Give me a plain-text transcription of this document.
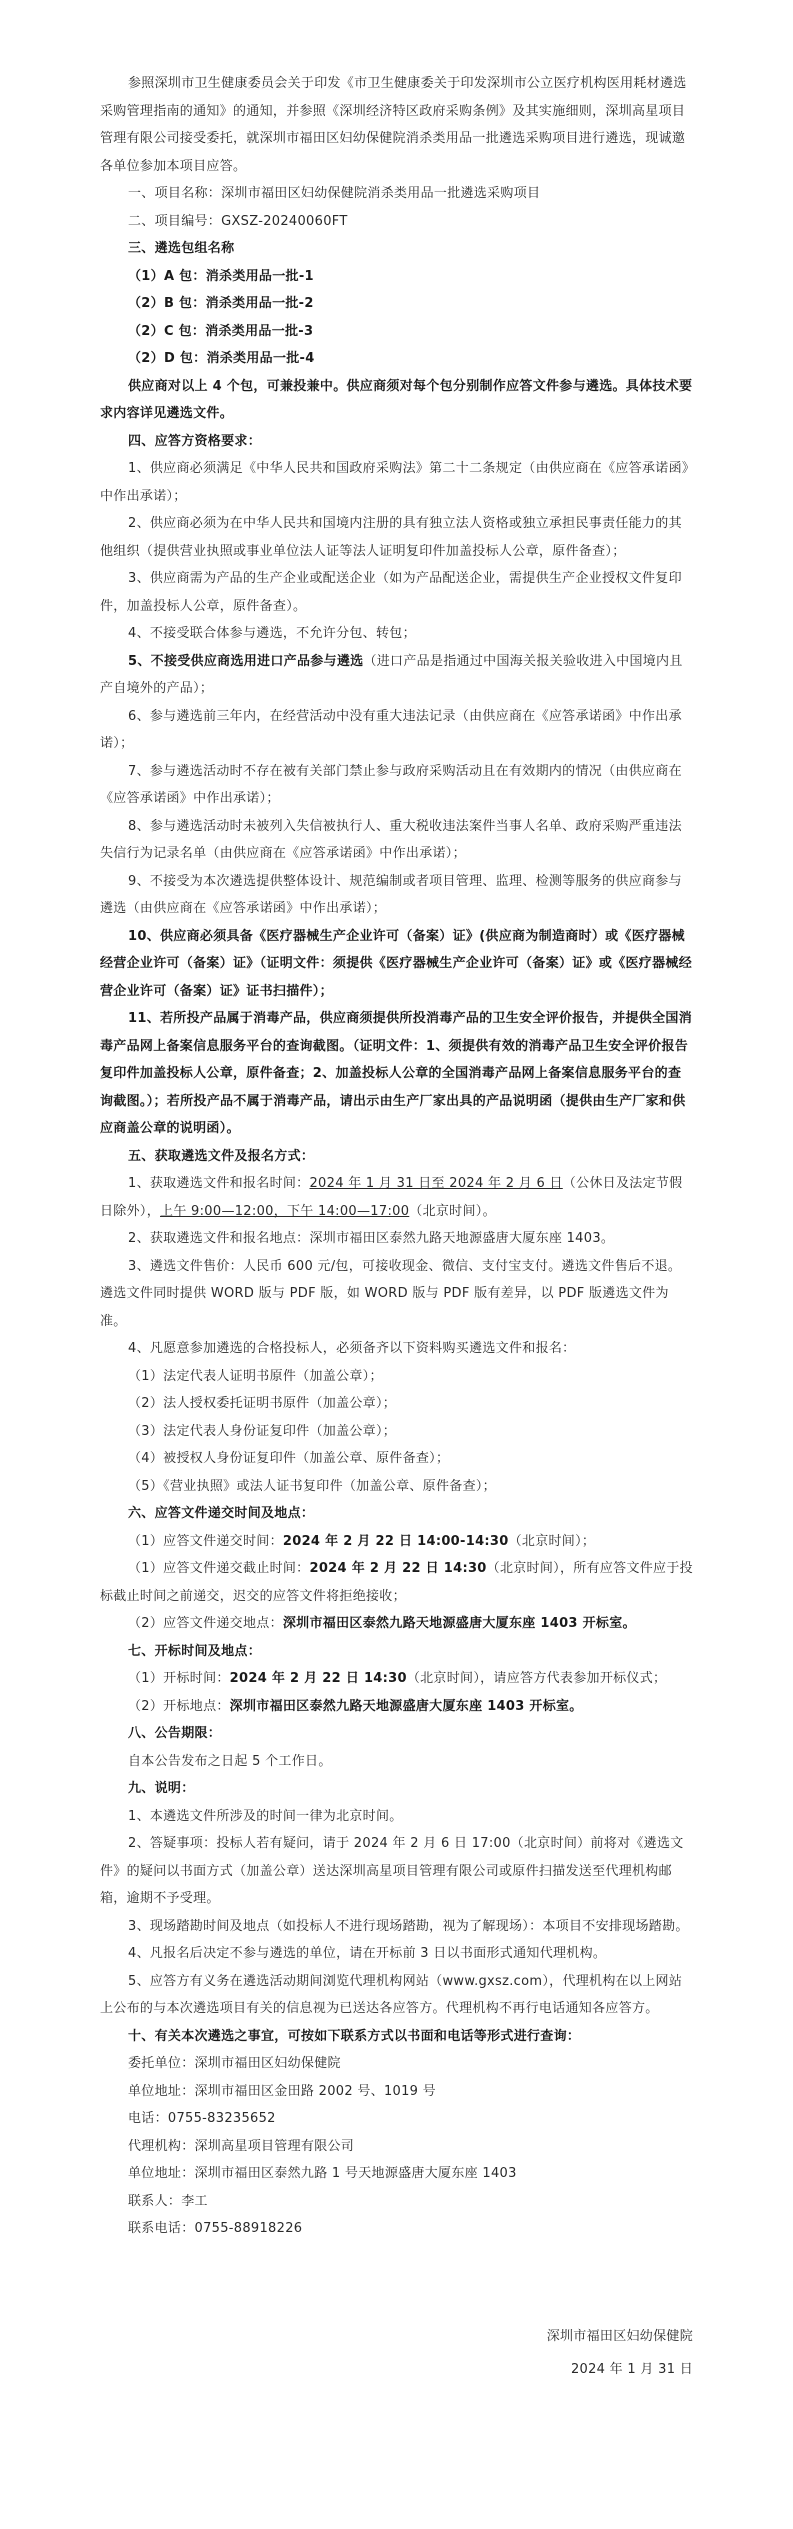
参照深圳市卫生健康委员会关于印发《市卫生健康委关于印发深圳市公立医疗机构医用耗材遴选采购管理指南的通知》的通知，并参照《深圳经济特区政府采购条例》及其实施细则，深圳高星项目管理有限公司接受委托，就深圳市福田区妇幼保健院消杀类用品一批遴选采购项目进行遴选，现诚邀各单位参加本项目应答。

一、项目名称：深圳市福田区妇幼保健院消杀类用品一批遴选采购项目

二、项目编号：GXSZ-20240060FT

三、遴选包组名称

（1）A 包：消杀类用品一批-1

（2）B 包：消杀类用品一批-2

（2）C 包：消杀类用品一批-3

（2）D 包：消杀类用品一批-4

供应商对以上 4 个包，可兼投兼中。供应商须对每个包分别制作应答文件参与遴选。具体技术要求内容详见遴选文件。

四、应答方资格要求：

1、供应商必须满足《中华人民共和国政府采购法》第二十二条规定（由供应商在《应答承诺函》中作出承诺）；

2、供应商必须为在中华人民共和国境内注册的具有独立法人资格或独立承担民事责任能力的其他组织（提供营业执照或事业单位法人证等法人证明复印件加盖投标人公章，原件备查）；

3、供应商需为产品的生产企业或配送企业（如为产品配送企业，需提供生产企业授权文件复印件，加盖投标人公章，原件备查）。

4、不接受联合体参与遴选，不允许分包、转包；

5、不接受供应商选用进口产品参与遴选（进口产品是指通过中国海关报关验收进入中国境内且产自境外的产品）；

6、参与遴选前三年内，在经营活动中没有重大违法记录（由供应商在《应答承诺函》中作出承诺）；

7、参与遴选活动时不存在被有关部门禁止参与政府采购活动且在有效期内的情况（由供应商在《应答承诺函》中作出承诺）；

8、参与遴选活动时未被列入失信被执行人、重大税收违法案件当事人名单、政府采购严重违法失信行为记录名单（由供应商在《应答承诺函》中作出承诺）；

9、不接受为本次遴选提供整体设计、规范编制或者项目管理、监理、检测等服务的供应商参与遴选（由供应商在《应答承诺函》中作出承诺）；

10、供应商必须具备《医疗器械生产企业许可（备案）证》(供应商为制造商时）或《医疗器械经营企业许可（备案）证》（证明文件：须提供《医疗器械生产企业许可（备案）证》或《医疗器械经营企业许可（备案）证》证书扫描件）；

11、若所投产品属于消毒产品，供应商须提供所投消毒产品的卫生安全评价报告，并提供全国消毒产品网上备案信息服务平台的查询截图。（证明文件：1、须提供有效的消毒产品卫生安全评价报告复印件加盖投标人公章，原件备查；2、加盖投标人公章的全国消毒产品网上备案信息服务平台的查询截图。）；若所投产品不属于消毒产品，请出示由生产厂家出具的产品说明函（提供由生产厂家和供应商盖公章的说明函）。

五、获取遴选文件及报名方式：

1、获取遴选文件和报名时间：2024 年 1 月 31 日至 2024 年 2 月 6 日（公休日及法定节假日除外），上午 9:00—12:00，下午 14:00—17:00（北京时间）。

2、获取遴选文件和报名地点：深圳市福田区泰然九路天地源盛唐大厦东座 1403。

3、遴选文件售价：人民币 600 元/包，可接收现金、微信、支付宝支付。遴选文件售后不退。遴选文件同时提供 WORD 版与 PDF 版，如 WORD 版与 PDF 版有差异，以 PDF 版遴选文件为准。

4、凡愿意参加遴选的合格投标人，必须备齐以下资料购买遴选文件和报名：

（1）法定代表人证明书原件（加盖公章）；

（2）法人授权委托证明书原件（加盖公章）；

（3）法定代表人身份证复印件（加盖公章）；

（4）被授权人身份证复印件（加盖公章、原件备查）；

（5）《营业执照》或法人证书复印件（加盖公章、原件备查）；

六、应答文件递交时间及地点：

（1）应答文件递交时间：2024 年 2 月 22 日 14:00-14:30（北京时间）；

（1）应答文件递交截止时间：2024 年 2 月 22 日 14:30（北京时间），所有应答文件应于投标截止时间之前递交，迟交的应答文件将拒绝接收；

（2）应答文件递交地点：深圳市福田区泰然九路天地源盛唐大厦东座 1403 开标室。

七、开标时间及地点：

（1）开标时间：2024 年 2 月 22 日 14:30（北京时间），请应答方代表参加开标仪式；

（2）开标地点：深圳市福田区泰然九路天地源盛唐大厦东座 1403 开标室。

八、公告期限：

自本公告发布之日起 5 个工作日。

九、说明：

1、本遴选文件所涉及的时间一律为北京时间。

2、答疑事项：投标人若有疑问，请于 2024 年 2 月 6 日 17:00（北京时间）前将对《遴选文件》的疑问以书面方式（加盖公章）送达深圳高星项目管理有限公司或原件扫描发送至代理机构邮箱，逾期不予受理。

3、现场踏勘时间及地点（如投标人不进行现场踏勘，视为了解现场）：本项目不安排现场踏勘。

4、凡报名后决定不参与遴选的单位，请在开标前 3 日以书面形式通知代理机构。

5、应答方有义务在遴选活动期间浏览代理机构网站（www.gxsz.com），代理机构在以上网站上公布的与本次遴选项目有关的信息视为已送达各应答方。代理机构不再行电话通知各应答方。

十、有关本次遴选之事宜，可按如下联系方式以书面和电话等形式进行查询：

委托单位：深圳市福田区妇幼保健院

单位地址：深圳市福田区金田路 2002 号、1019 号

电话：0755-83235652

代理机构：深圳高星项目管理有限公司

单位地址：深圳市福田区泰然九路 1 号天地源盛唐大厦东座 1403

联系人：李工

联系电话：0755-88918226

深圳市福田区妇幼保健院

2024 年 1 月 31 日
